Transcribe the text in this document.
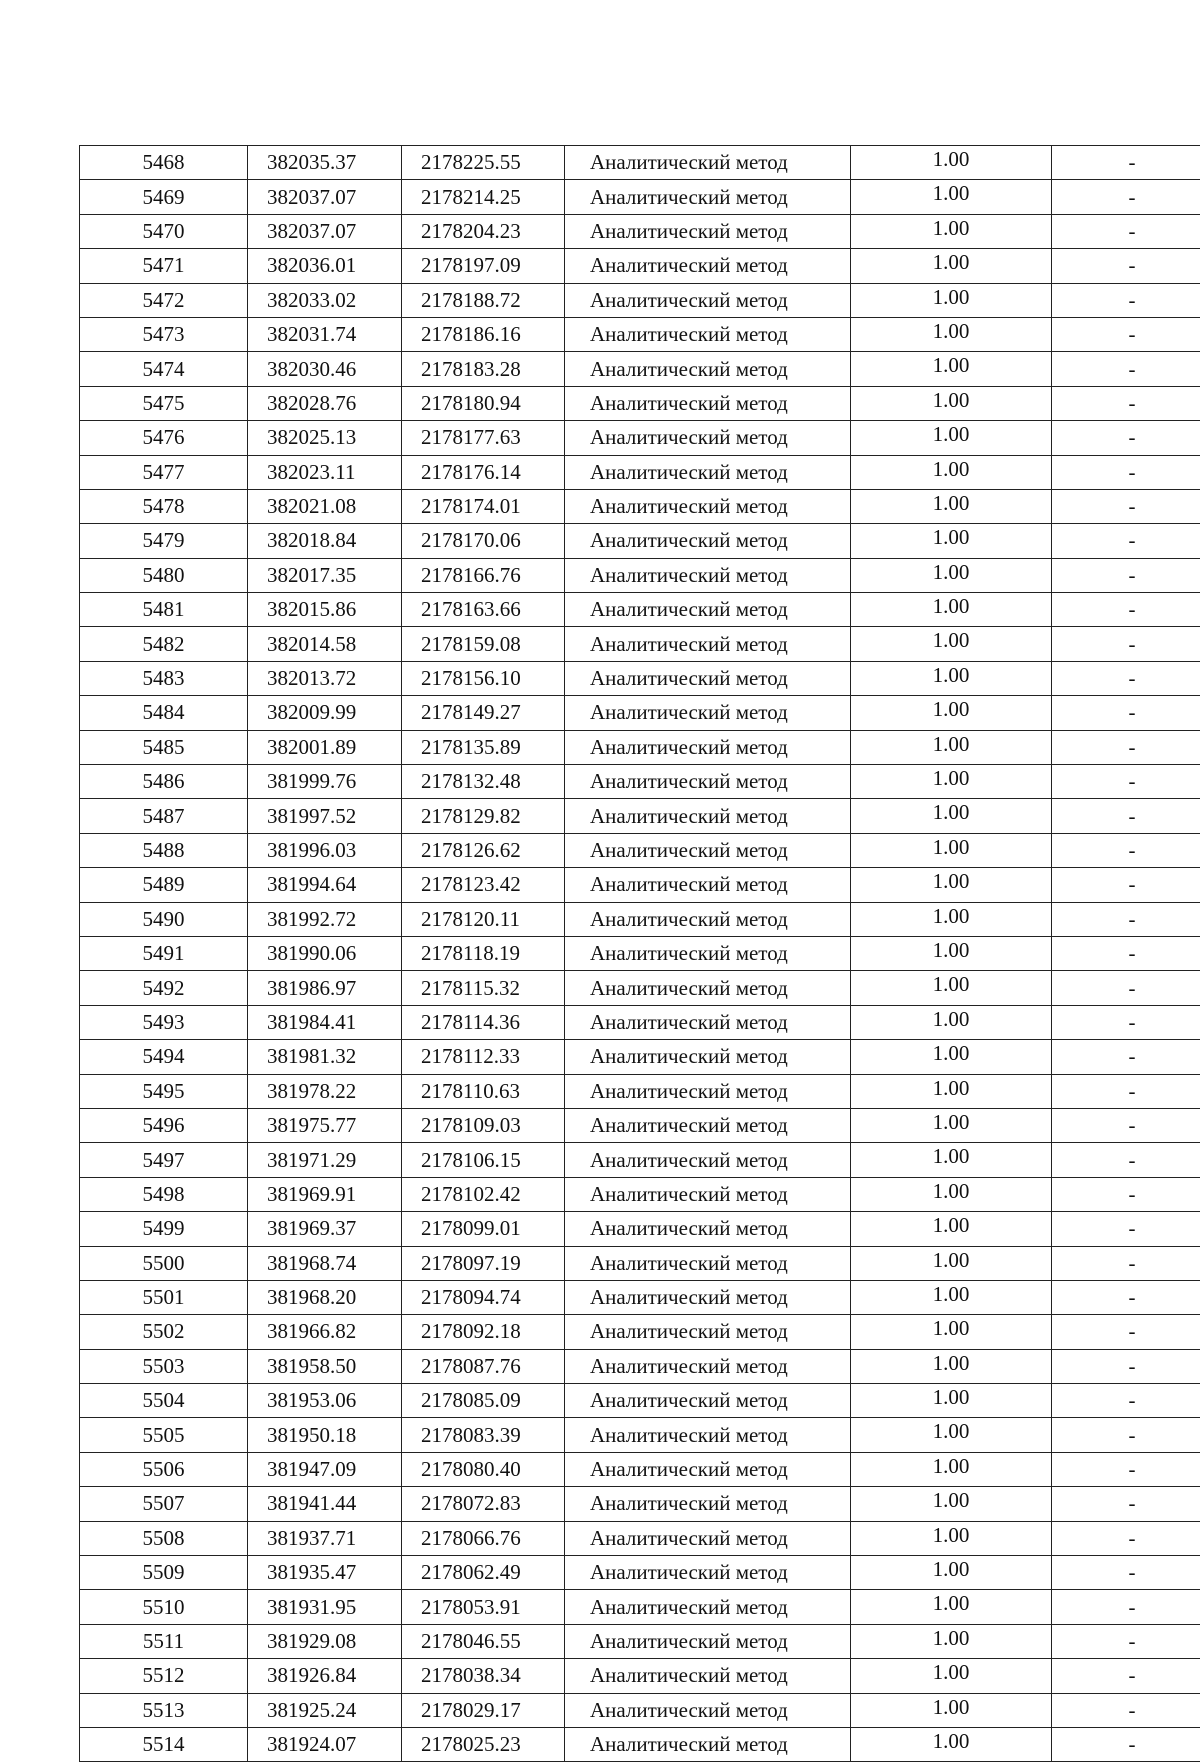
5468	382035.37	2178225.55	Аналитический метод	1.00	-
5469	382037.07	2178214.25	Аналитический метод	1.00	-
5470	382037.07	2178204.23	Аналитический метод	1.00	-
5471	382036.01	2178197.09	Аналитический метод	1.00	-
5472	382033.02	2178188.72	Аналитический метод	1.00	-
5473	382031.74	2178186.16	Аналитический метод	1.00	-
5474	382030.46	2178183.28	Аналитический метод	1.00	-
5475	382028.76	2178180.94	Аналитический метод	1.00	-
5476	382025.13	2178177.63	Аналитический метод	1.00	-
5477	382023.11	2178176.14	Аналитический метод	1.00	-
5478	382021.08	2178174.01	Аналитический метод	1.00	-
5479	382018.84	2178170.06	Аналитический метод	1.00	-
5480	382017.35	2178166.76	Аналитический метод	1.00	-
5481	382015.86	2178163.66	Аналитический метод	1.00	-
5482	382014.58	2178159.08	Аналитический метод	1.00	-
5483	382013.72	2178156.10	Аналитический метод	1.00	-
5484	382009.99	2178149.27	Аналитический метод	1.00	-
5485	382001.89	2178135.89	Аналитический метод	1.00	-
5486	381999.76	2178132.48	Аналитический метод	1.00	-
5487	381997.52	2178129.82	Аналитический метод	1.00	-
5488	381996.03	2178126.62	Аналитический метод	1.00	-
5489	381994.64	2178123.42	Аналитический метод	1.00	-
5490	381992.72	2178120.11	Аналитический метод	1.00	-
5491	381990.06	2178118.19	Аналитический метод	1.00	-
5492	381986.97	2178115.32	Аналитический метод	1.00	-
5493	381984.41	2178114.36	Аналитический метод	1.00	-
5494	381981.32	2178112.33	Аналитический метод	1.00	-
5495	381978.22	2178110.63	Аналитический метод	1.00	-
5496	381975.77	2178109.03	Аналитический метод	1.00	-
5497	381971.29	2178106.15	Аналитический метод	1.00	-
5498	381969.91	2178102.42	Аналитический метод	1.00	-
5499	381969.37	2178099.01	Аналитический метод	1.00	-
5500	381968.74	2178097.19	Аналитический метод	1.00	-
5501	381968.20	2178094.74	Аналитический метод	1.00	-
5502	381966.82	2178092.18	Аналитический метод	1.00	-
5503	381958.50	2178087.76	Аналитический метод	1.00	-
5504	381953.06	2178085.09	Аналитический метод	1.00	-
5505	381950.18	2178083.39	Аналитический метод	1.00	-
5506	381947.09	2178080.40	Аналитический метод	1.00	-
5507	381941.44	2178072.83	Аналитический метод	1.00	-
5508	381937.71	2178066.76	Аналитический метод	1.00	-
5509	381935.47	2178062.49	Аналитический метод	1.00	-
5510	381931.95	2178053.91	Аналитический метод	1.00	-
5511	381929.08	2178046.55	Аналитический метод	1.00	-
5512	381926.84	2178038.34	Аналитический метод	1.00	-
5513	381925.24	2178029.17	Аналитический метод	1.00	-
5514	381924.07	2178025.23	Аналитический метод	1.00	-
